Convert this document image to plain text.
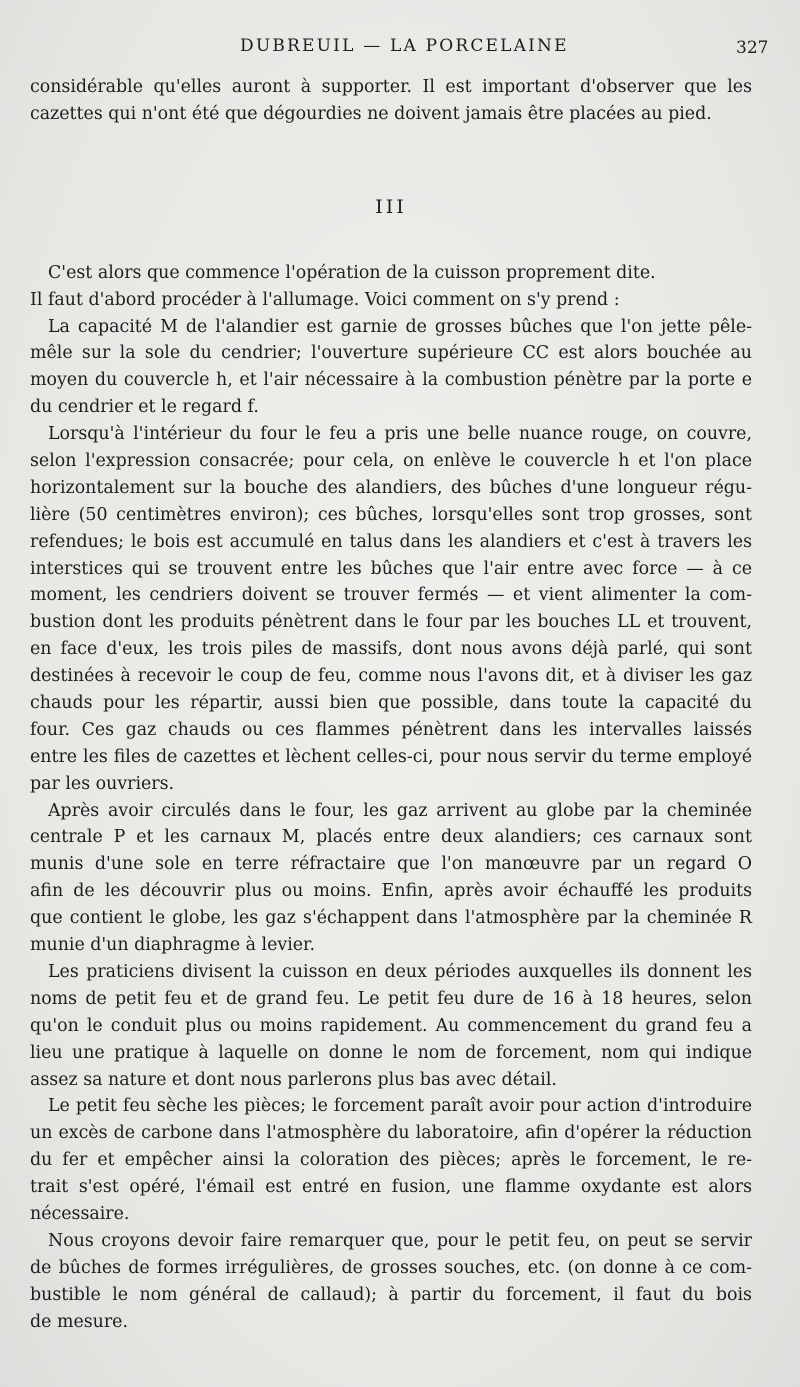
DUBREUIL — LA PORCELAINE	327
considérable qu'elles auront à supporter. Il est important d'observer que les
cazettes qui n'ont été que dégourdies ne doivent jamais être placées au pied.
III
C'est alors que commence l'opération de la cuisson proprement dite.
Il faut d'abord procéder à l'allumage. Voici comment on s'y prend :
La capacité M de l'alandier est garnie de grosses bûches que l'on jette pêle-
mêle sur la sole du cendrier; l'ouverture supérieure CC est alors bouchée au
moyen du couvercle h, et l'air nécessaire à la combustion pénètre par la porte e
du cendrier et le regard f.
Lorsqu'à l'intérieur du four le feu a pris une belle nuance rouge, on couvre,
selon l'expression consacrée; pour cela, on enlève le couvercle h et l'on place
horizontalement sur la bouche des alandiers, des bûches d'une longueur régu-
lière (50 centimètres environ); ces bûches, lorsqu'elles sont trop grosses, sont
refendues; le bois est accumulé en talus dans les alandiers et c'est à travers les
interstices qui se trouvent entre les bûches que l'air entre avec force — à ce
moment, les cendriers doivent se trouver fermés — et vient alimenter la com-
bustion dont les produits pénètrent dans le four par les bouches LL et trouvent,
en face d'eux, les trois piles de massifs, dont nous avons déjà parlé, qui sont
destinées à recevoir le coup de feu, comme nous l'avons dit, et à diviser les gaz
chauds pour les répartir, aussi bien que possible, dans toute la capacité du
four. Ces gaz chauds ou ces flammes pénètrent dans les intervalles laissés
entre les files de cazettes et lèchent celles-ci, pour nous servir du terme employé
par les ouvriers.
Après avoir circulés dans le four, les gaz arrivent au globe par la cheminée
centrale P et les carnaux M, placés entre deux alandiers; ces carnaux sont
munis d'une sole en terre réfractaire que l'on manœuvre par un regard O
afin de les découvrir plus ou moins. Enfin, après avoir échauffé les produits
que contient le globe, les gaz s'échappent dans l'atmosphère par la cheminée R
munie d'un diaphragme à levier.
Les praticiens divisent la cuisson en deux périodes auxquelles ils donnent les
noms de petit feu et de grand feu. Le petit feu dure de 16 à 18 heures, selon
qu'on le conduit plus ou moins rapidement. Au commencement du grand feu a
lieu une pratique à laquelle on donne le nom de forcement, nom qui indique
assez sa nature et dont nous parlerons plus bas avec détail.
Le petit feu sèche les pièces; le forcement paraît avoir pour action d'introduire
un excès de carbone dans l'atmosphère du laboratoire, afin d'opérer la réduction
du fer et empêcher ainsi la coloration des pièces; après le forcement, le re-
trait s'est opéré, l'émail est entré en fusion, une flamme oxydante est alors
nécessaire.
Nous croyons devoir faire remarquer que, pour le petit feu, on peut se servir
de bûches de formes irrégulières, de grosses souches, etc. (on donne à ce com-
bustible le nom général de callaud); à partir du forcement, il faut du bois
de mesure.
